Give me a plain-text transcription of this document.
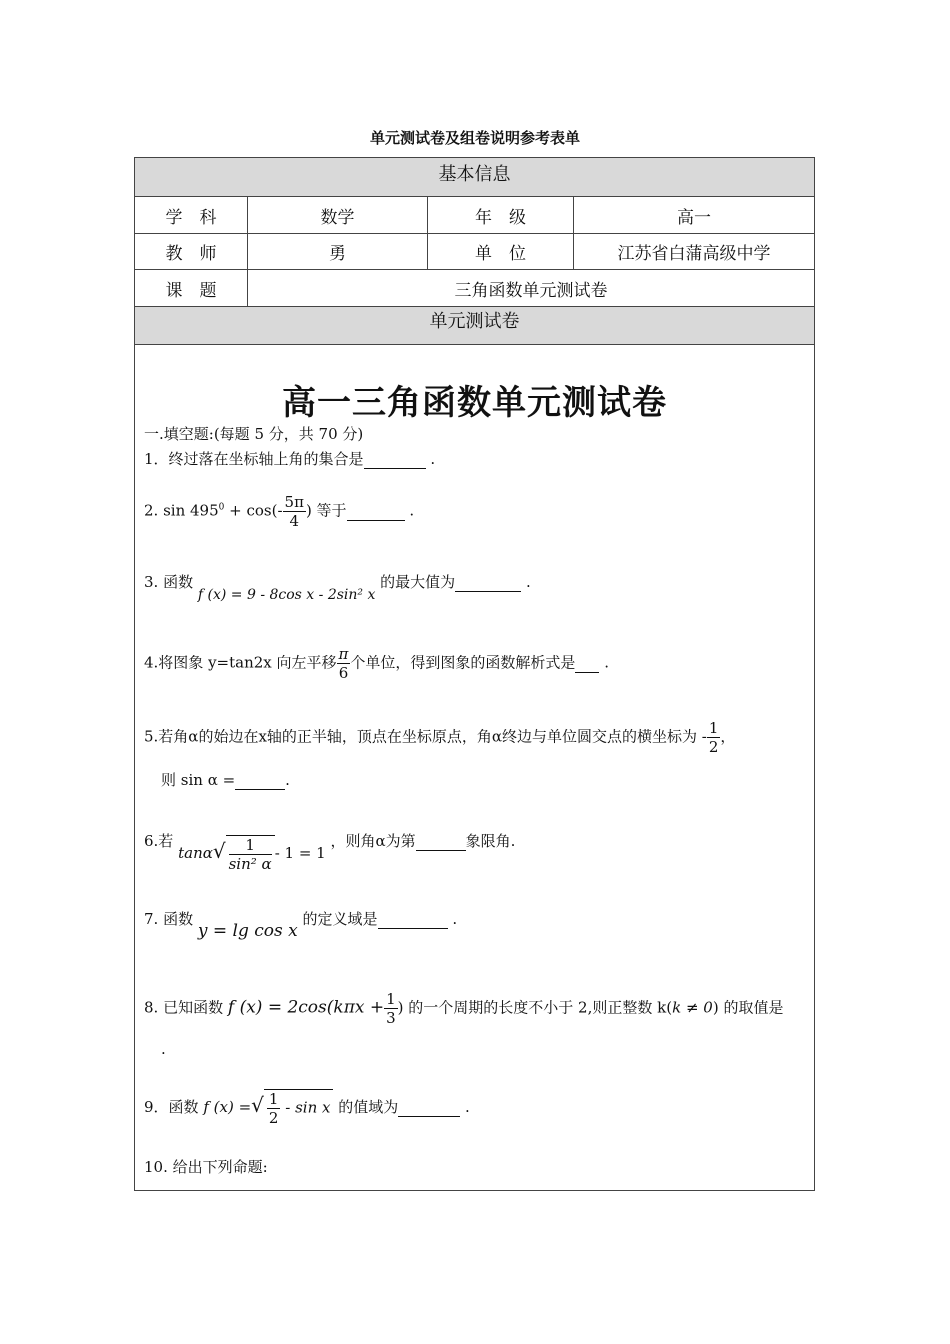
单元测试卷及组卷说明参考表单
基本信息
学　科	数学	年　级	高一
教　师	勇	单　位	江苏省白蒲高级中学
课　题	三角函数单元测试卷
单元测试卷
高一三角函数单元测试卷
一.填空题:(每题 5 分，共 70 分)
1．终过落在坐标轴上角的集合是	.
2. $\sin 495^0 + \cos(- \frac{5\pi}{4}$ ) 等于	.
3. 函数 f (x) = 9 - 8cos x - 2sin² x 的最大值为	.
4.将图象 y=tan2x 向左平移 $\frac{\pi}{6}$ 个单位，得到图象的函数解析式是 .
5.若角α的始边在x轴的正半轴，顶点在坐标原点，角α终边与单位圆交点的横坐标为 - $\frac{1}{2}$ ，
则 sin α =	.
6.若 $\tan\alpha√ \frac{1}{\text{sin² α}} - 1 = 1$ ，则角α为第	象限角.
7. 函数 y = lg cos x 的定义域是	.
8. 已知函数 f $(x) = 2\cos(k\pi x + \frac{1}{3}$ ) 的一个周期的长度不小于 2,则正整数 k(k ≠ 0) 的取值是
.
9．函数 f (x) =√ $\frac{1}{2}$ - sin x 的值域为	.
10. 给出下列命题:
